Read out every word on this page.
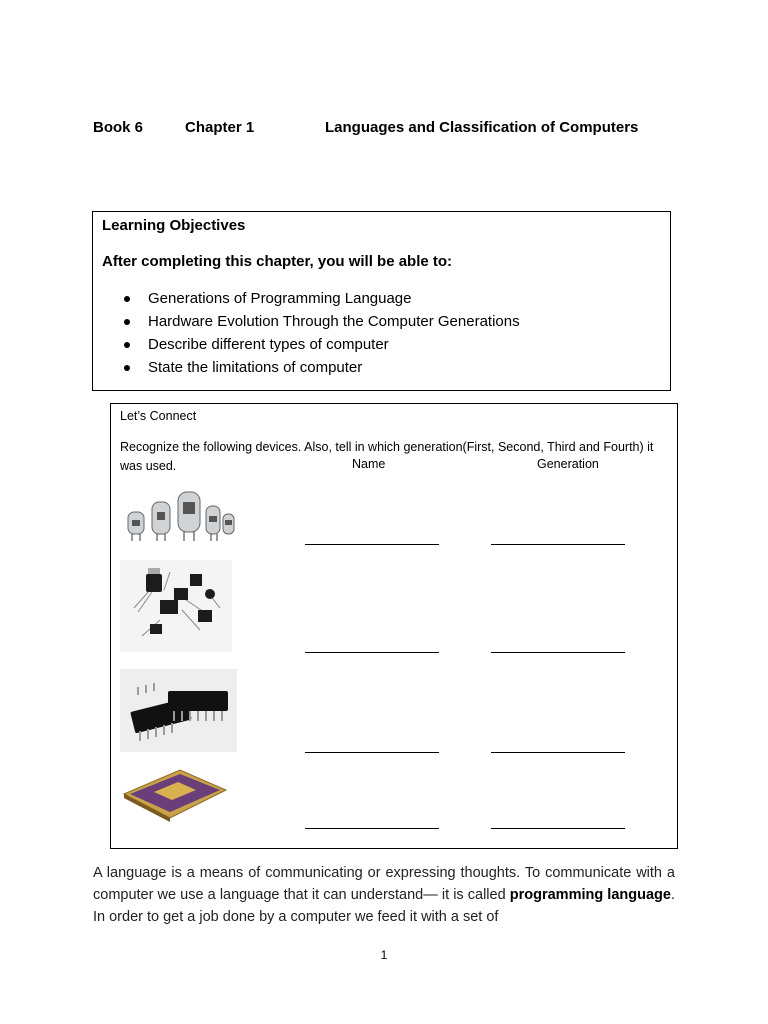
Book 6	Chapter 1	Languages and Classification of Computers
Learning Objectives
After completing this chapter, you will be able to:
Generations of Programming Language
Hardware Evolution Through the Computer Generations
Describe different types of computer
State the limitations of computer
Let’s Connect
Recognize the following devices. Also, tell in which generation(First, Second, Third and Fourth) it was used.	Name	Generation
A language is a means of communicating or expressing thoughts. To communicate with a computer we use a language that it can understand— it is called programming language. In order to get a job done by a computer we feed it with a set of
1
